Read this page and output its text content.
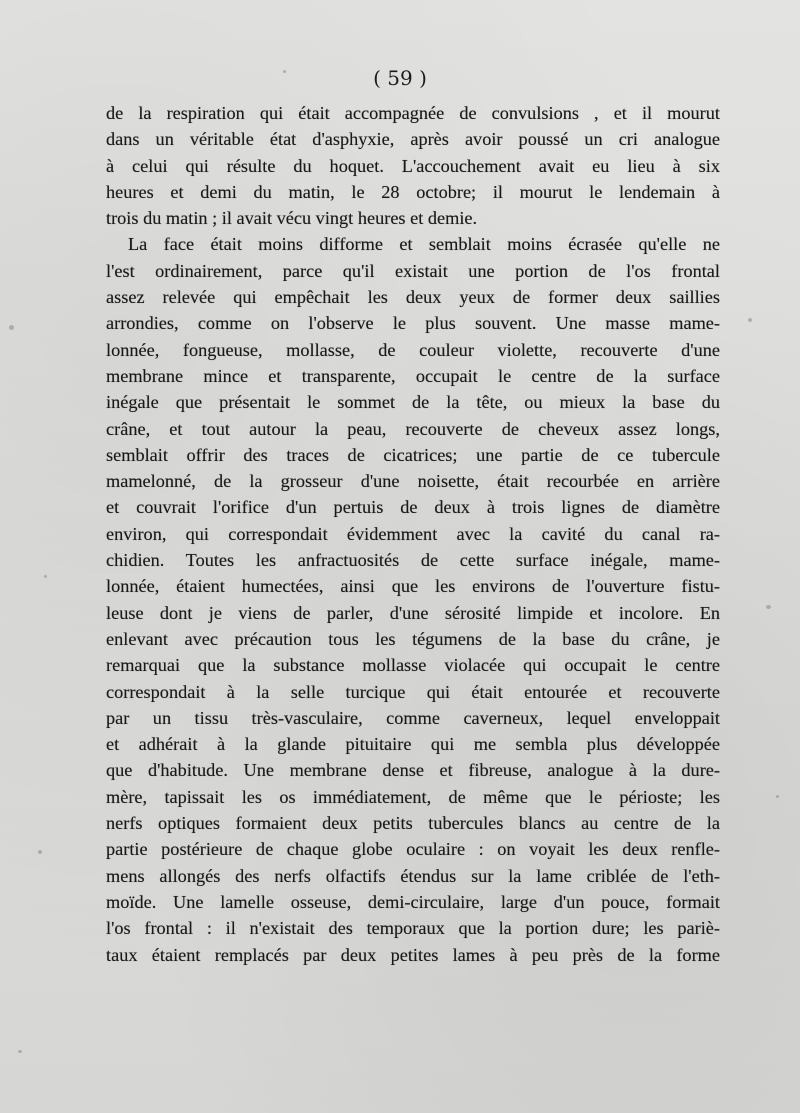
( 59 )
de la respiration qui était accompagnée de convulsions , et il mourut
dans un véritable état d'asphyxie, après avoir poussé un cri analogue
à celui qui résulte du hoquet. L'accouchement avait eu lieu à six
heures et demi du matin, le 28 octobre; il mourut le lendemain à
trois du matin ; il avait vécu vingt heures et demie.
La face était moins difforme et semblait moins écrasée qu'elle ne
l'est ordinairement, parce qu'il existait une portion de l'os frontal
assez relevée qui empêchait les deux yeux de former deux saillies
arrondies, comme on l'observe le plus souvent. Une masse mame-
lonnée, fongueuse, mollasse, de couleur violette, recouverte d'une
membrane mince et transparente, occupait le centre de la surface
inégale que présentait le sommet de la tête, ou mieux la base du
crâne, et tout autour la peau, recouverte de cheveux assez longs,
semblait offrir des traces de cicatrices; une partie de ce tubercule
mamelonné, de la grosseur d'une noisette, était recourbée en arrière
et couvrait l'orifice d'un pertuis de deux à trois lignes de diamètre
environ, qui correspondait évidemment avec la cavité du canal ra-
chidien. Toutes les anfractuosités de cette surface inégale, mame-
lonnée, étaient humectées, ainsi que les environs de l'ouverture fistu-
leuse dont je viens de parler, d'une sérosité limpide et incolore. En
enlevant avec précaution tous les tégumens de la base du crâne, je
remarquai que la substance mollasse violacée qui occupait le centre
correspondait à la selle turcique qui était entourée et recouverte
par un tissu très-vasculaire, comme caverneux, lequel enveloppait
et adhérait à la glande pituitaire qui me sembla plus développée
que d'habitude. Une membrane dense et fibreuse, analogue à la dure-
mère, tapissait les os immédiatement, de même que le périoste; les
nerfs optiques formaient deux petits tubercules blancs au centre de la
partie postérieure de chaque globe oculaire : on voyait les deux renfle-
mens allongés des nerfs olfactifs étendus sur la lame criblée de l'eth-
moïde. Une lamelle osseuse, demi-circulaire, large d'un pouce, formait
l'os frontal : il n'existait des temporaux que la portion dure; les pariè-
taux étaient remplacés par deux petites lames à peu près de la forme
